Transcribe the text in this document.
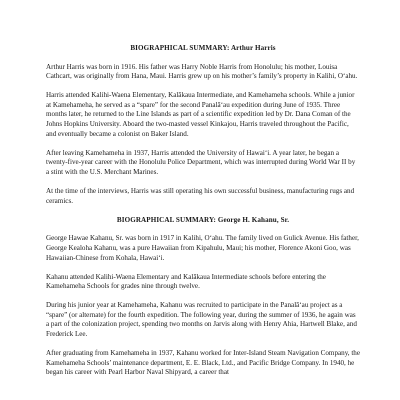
BIOGRAPHICAL SUMMARY: Arthur Harris

Arthur Harris was born in 1916. His father was Harry Noble Harris from Honolulu; his mother, Louisa Cathcart, was originally from Hana, Maui. Harris grew up on his mother’s family’s property in Kalihi, O‘ahu.

Harris attended Kalihi-Waena Elementary, Kalākaua Intermediate, and Kamehameha schools. While a junior at Kamehameha, he served as a “spare” for the second Panalā‘au expedition during June of 1935. Three months later, he returned to the Line Islands as part of a scientific expedition led by Dr. Dana Coman of the Johns Hopkins University. Aboard the two-masted vessel Kinkajou, Harris traveled throughout the Pacific, and eventually became a colonist on Baker Island.

After leaving Kamehameha in 1937, Harris attended the University of Hawai‘i. A year later, he began a twenty-five-year career with the Honolulu Police Department, which was interrupted during World War II by a stint with the U.S. Merchant Marines.

At the time of the interviews, Harris was still operating his own successful business, manufacturing rugs and ceramics.

BIOGRAPHICAL SUMMARY: George H. Kahanu, Sr.

George Hawae Kahanu, Sr. was born in 1917 in Kalihi, O‘ahu. The family lived on Gulick Avenue. His father, George Kealoha Kahanu, was a pure Hawaiian from Kipahulu, Maui; his mother, Florence Akoni Goo, was Hawaiian-Chinese from Kohala, Hawai‘i.

Kahanu attended Kalihi-Waena Elementary and Kalākaua Intermediate schools before entering the Kamehameha Schools for grades nine through twelve.

During his junior year at Kamehameha, Kahanu was recruited to participate in the Panalā‘au project as a “spare” (or alternate) for the fourth expedition. The following year, during the summer of 1936, he again was a part of the colonization project, spending two months on Jarvis along with Henry Ahia, Hartwell Blake, and Frederick Lee.

After graduating from Kamehameha in 1937, Kahanu worked for Inter-Island Steam Navigation Company, the Kamehameha Schools’ maintenance department, E. E. Black, Ltd., and Pacific Bridge Company. In 1940, he began his career with Pearl Harbor Naval Shipyard, a career that
